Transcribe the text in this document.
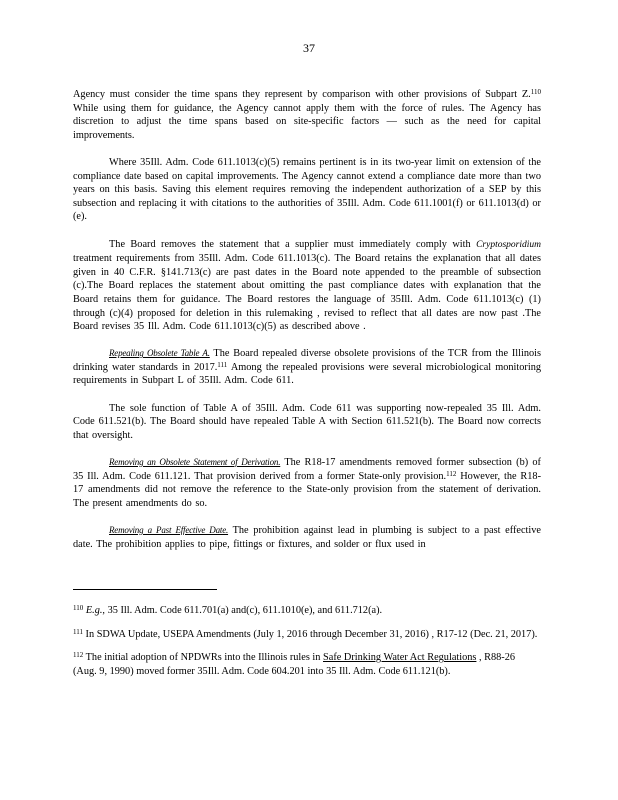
37

Agency must consider the time spans they represent by comparison with other provisions of Subpart Z.$^{110}$ While using them for guidance, the Agency cannot apply them with the force of rules. The Agency has discretion to adjust the time spans based on site-specific factors — such as the need for capital improvements.

Where 35Ill. Adm. Code 611.1013(c)(5) remains pertinent is in its two-year limit on extension of the compliance date based on capital improvements. The Agency cannot extend a compliance date more than two years on this basis. Saving this element requires removing the independent authorization of a SEP by this subsection and replacing it with citations to the authorities of 35Ill. Adm. Code 611.1001(f) or 611.1013(d) or (e).

The Board removes the statement that a supplier must immediately comply with Cryptosporidium treatment requirements from 35Ill. Adm. Code 611.1013(c). The Board retains the explanation that all dates given in 40 C.F.R. §141.713(c) are past dates in the Board note appended to the preamble of subsection (c).The Board replaces the statement about omitting the past compliance dates with explanation that the Board retains them for guidance. The Board restores the language of 35Ill. Adm. Code 611.1013(c) (1) through (c)(4) proposed for deletion in this rulemaking , revised to reflect that all dates are now past .The Board revises 35 Ill. Adm. Code 611.1013(c)(5) as described above .

Repealing Obsolete Table A. The Board repealed diverse obsolete provisions of the TCR from the Illinois drinking water standards in 2017.$^{111}$ Among the repealed provisions were several microbiological monitoring requirements in Subpart L of 35Ill. Adm. Code 611.

The sole function of Table A of 35Ill. Adm. Code 611 was supporting now-repealed 35 Ill. Adm. Code 611.521(b). The Board should have repealed Table A with Section 611.521(b). The Board now corrects that oversight.

Removing an Obsolete Statement of Derivation. The R18-17 amendments removed former subsection (b) of 35 Ill. Adm. Code 611.121. That provision derived from a former State-only provision.$^{112}$ However, the R18-17 amendments did not remove the reference to the State-only provision from the statement of derivation. The present amendments do so.

Removing a Past Effective Date. The prohibition against lead in plumbing is subject to a past effective date. The prohibition applies to pipe, fittings or fixtures, and solder or flux used in

$^{110}$ E.g., 35 Ill. Adm. Code 611.701(a) and(c), 611.1010(e), and 611.712(a).
$^{111}$ In SDWA Update, USEPA Amendments (July 1, 2016 through December 31, 2016) , R17-12 (Dec. 21, 2017).
$^{112}$ The initial adoption of NPDWRs into the Illinois rules in Safe Drinking Water Act Regulations , R88-26 (Aug. 9, 1990) moved former 35Ill. Adm. Code 604.201 into 35 Ill. Adm. Code 611.121(b).
